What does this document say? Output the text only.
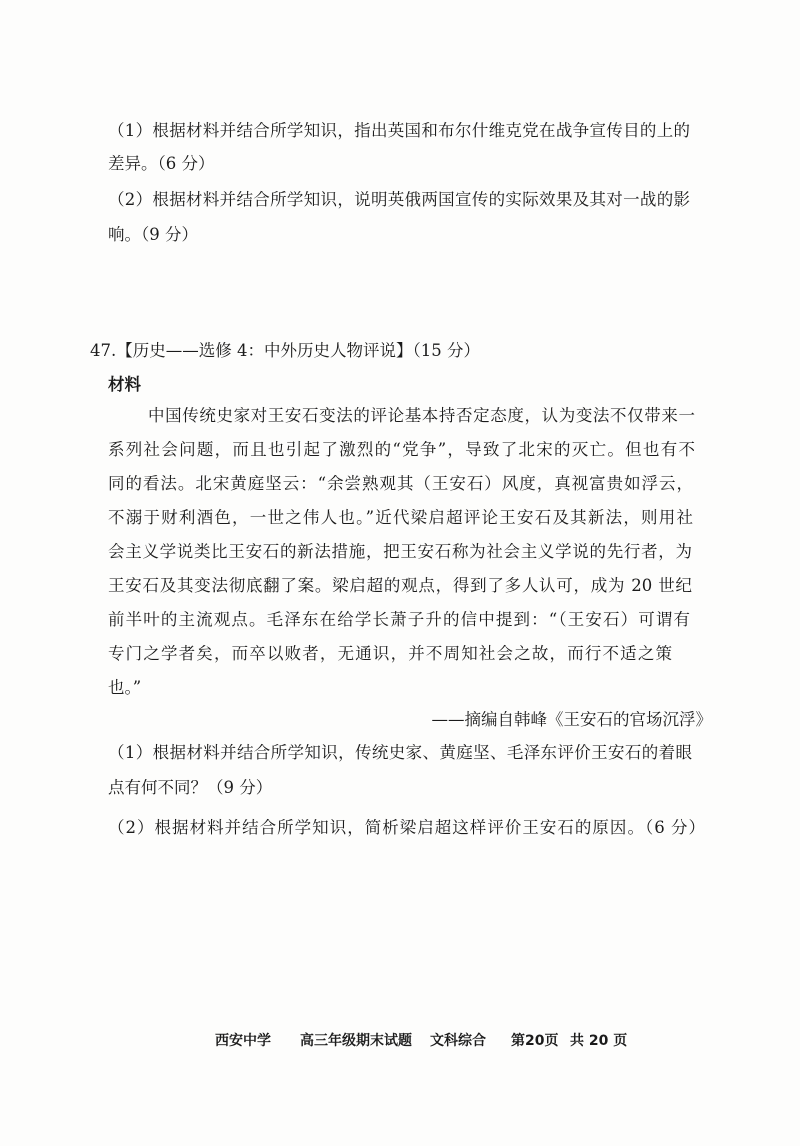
（1）根据材料并结合所学知识，指出英国和布尔什维克党在战争宣传目的上的
差异。（6 分）
（2）根据材料并结合所学知识，说明英俄两国宣传的实际效果及其对一战的影
响。（9 分）
47.【历史——选修 4：中外历史人物评说】（15 分）
材料
中国传统史家对王安石变法的评论基本持否定态度，认为变法不仅带来一
系列社会问题，而且也引起了激烈的“党争”，导致了北宋的灭亡。但也有不
同的看法。北宋黄庭坚云：“余尝熟观其（王安石）风度，真视富贵如浮云，
不溺于财利酒色，一世之伟人也。”近代梁启超评论王安石及其新法，则用社
会主义学说类比王安石的新法措施，把王安石称为社会主义学说的先行者，为
王安石及其变法彻底翻了案。梁启超的观点，得到了多人认可，成为 20 世纪
前半叶的主流观点。毛泽东在给学长萧子升的信中提到：“（王安石）可谓有
专门之学者矣，而卒以败者，无通识，并不周知社会之故，而行不适之策
也。”
——摘编自韩峰《王安石的官场沉浮》
（1）根据材料并结合所学知识，传统史家、黄庭坚、毛泽东评价王安石的着眼
点有何不同？（9 分）
（2）根据材料并结合所学知识，简析梁启超这样评价王安石的原因。（6 分）
西安中学 高三年级期末试题 文科综合 第20页 共 20 页
